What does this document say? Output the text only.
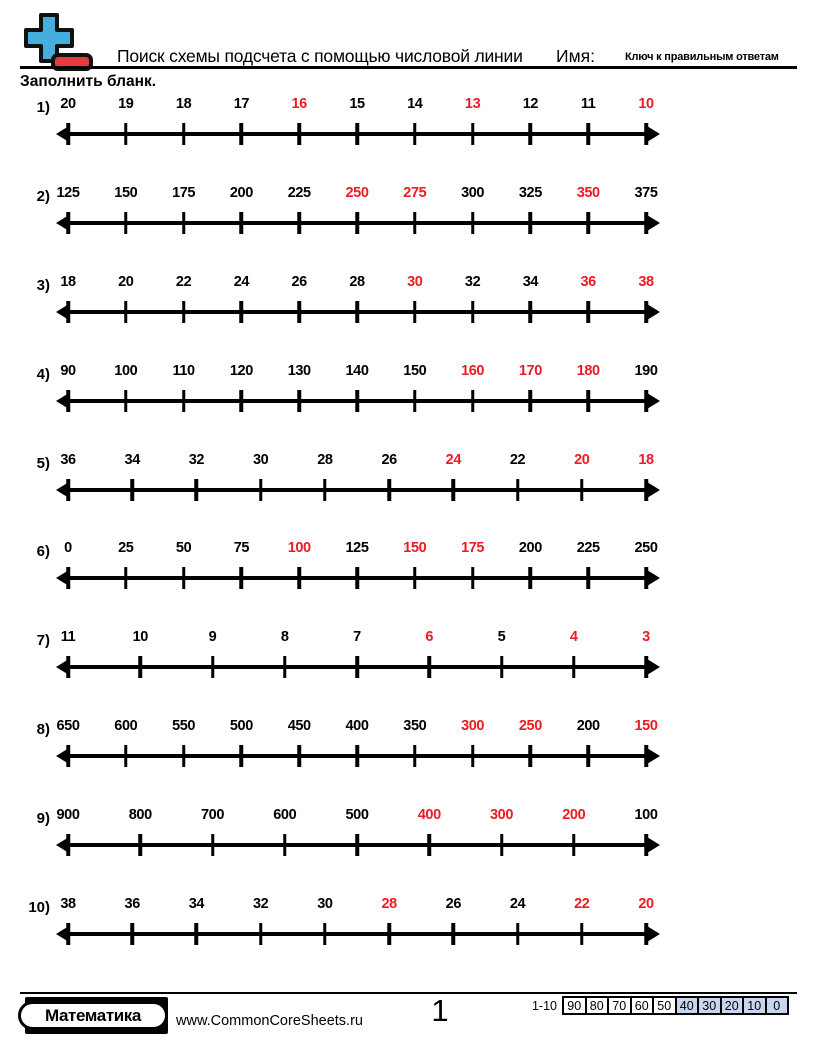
Поиск схемы подсчета с помощью числовой линии Имя:	Ключ к правильным ответам
Заполнить бланк.
1) 20	19	18	17	16	15	14	13	12	11	10
2) 125 150 175 200 225 250 275 300 325 350 375
3) 18	20	22	24	26	28	30	32	34	36	38
4) 90	100 110 120 130 140 150 160 170 180 190
5) 36	34	32	30	28	26	24	22	20	18
6) 0	25	50	75	100 125 150 175 200 225 250
7) 11	10	9	8	7	6	5	4	3
8) 650 600 550 500 450 400 350 300 250 200 150
9) 900	800	700	600	500	400	300	200	100
10) 38	36	34	32	30	28	26	24	22	20
Математика	www.CommonCoreSheets.ru	1	1-10 90 80 70 60 50 40 30 20 10 0
